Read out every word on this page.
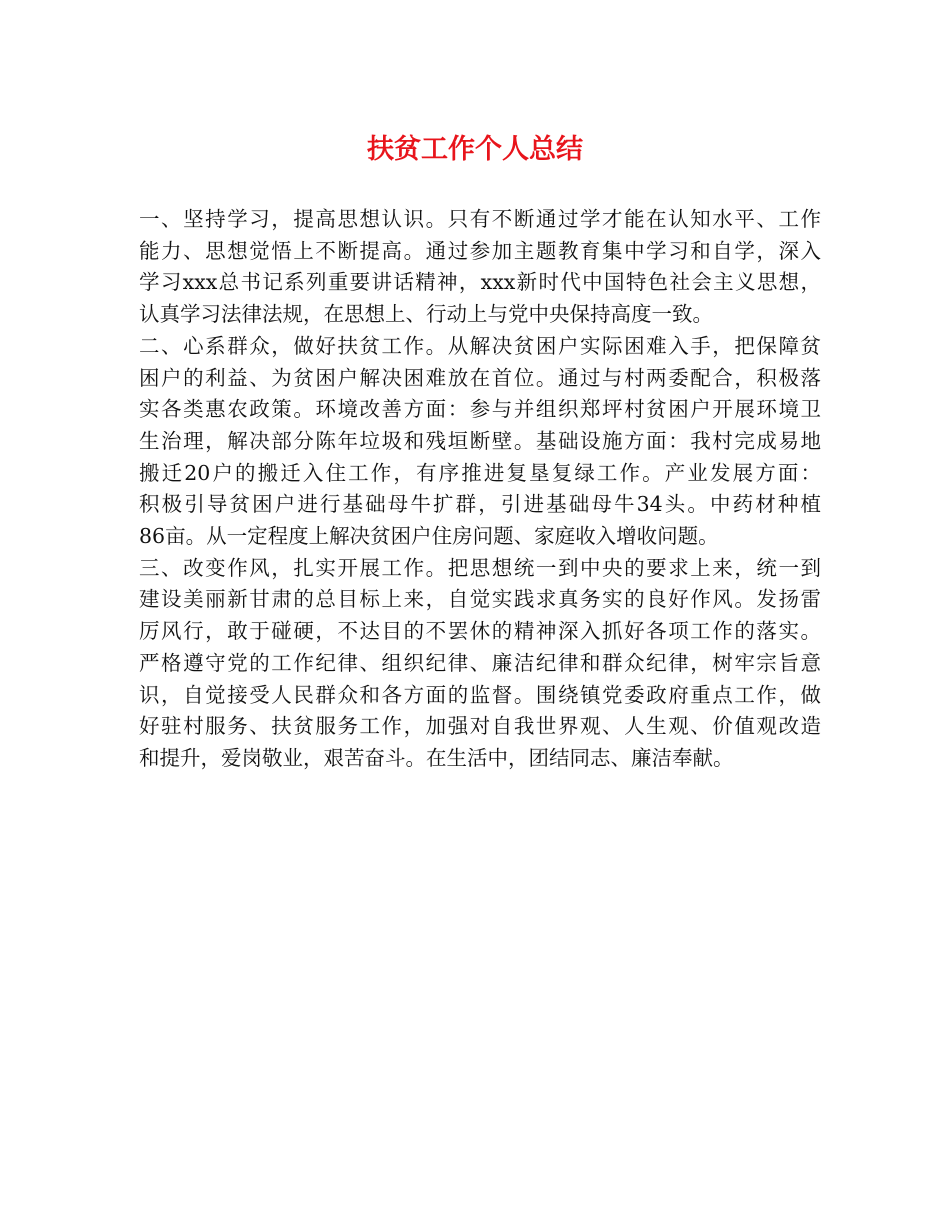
扶贫工作个人总结
一、坚持学习，提高思想认识。只有不断通过学才能在认知水平、工作
能力、思想觉悟上不断提高。通过参加主题教育集中学习和自学，深入
学习xxx总书记系列重要讲话精神，xxx新时代中国特色社会主义思想，
认真学习法律法规，在思想上、行动上与党中央保持高度一致。
二、心系群众，做好扶贫工作。从解决贫困户实际困难入手，把保障贫
困户的利益、为贫困户解决困难放在首位。通过与村两委配合，积极落
实各类惠农政策。环境改善方面：参与并组织郑坪村贫困户开展环境卫
生治理，解决部分陈年垃圾和残垣断壁。基础设施方面：我村完成易地
搬迁20户的搬迁入住工作，有序推进复垦复绿工作。产业发展方面：
积极引导贫困户进行基础母牛扩群，引进基础母牛34头。中药材种植
86亩。从一定程度上解决贫困户住房问题、家庭收入增收问题。
三、改变作风，扎实开展工作。把思想统一到中央的要求上来，统一到
建设美丽新甘肃的总目标上来，自觉实践求真务实的良好作风。发扬雷
厉风行，敢于碰硬，不达目的不罢休的精神深入抓好各项工作的落实。
严格遵守党的工作纪律、组织纪律、廉洁纪律和群众纪律，树牢宗旨意
识，自觉接受人民群众和各方面的监督。围绕镇党委政府重点工作，做
好驻村服务、扶贫服务工作，加强对自我世界观、人生观、价值观改造
和提升，爱岗敬业，艰苦奋斗。在生活中，团结同志、廉洁奉献。
